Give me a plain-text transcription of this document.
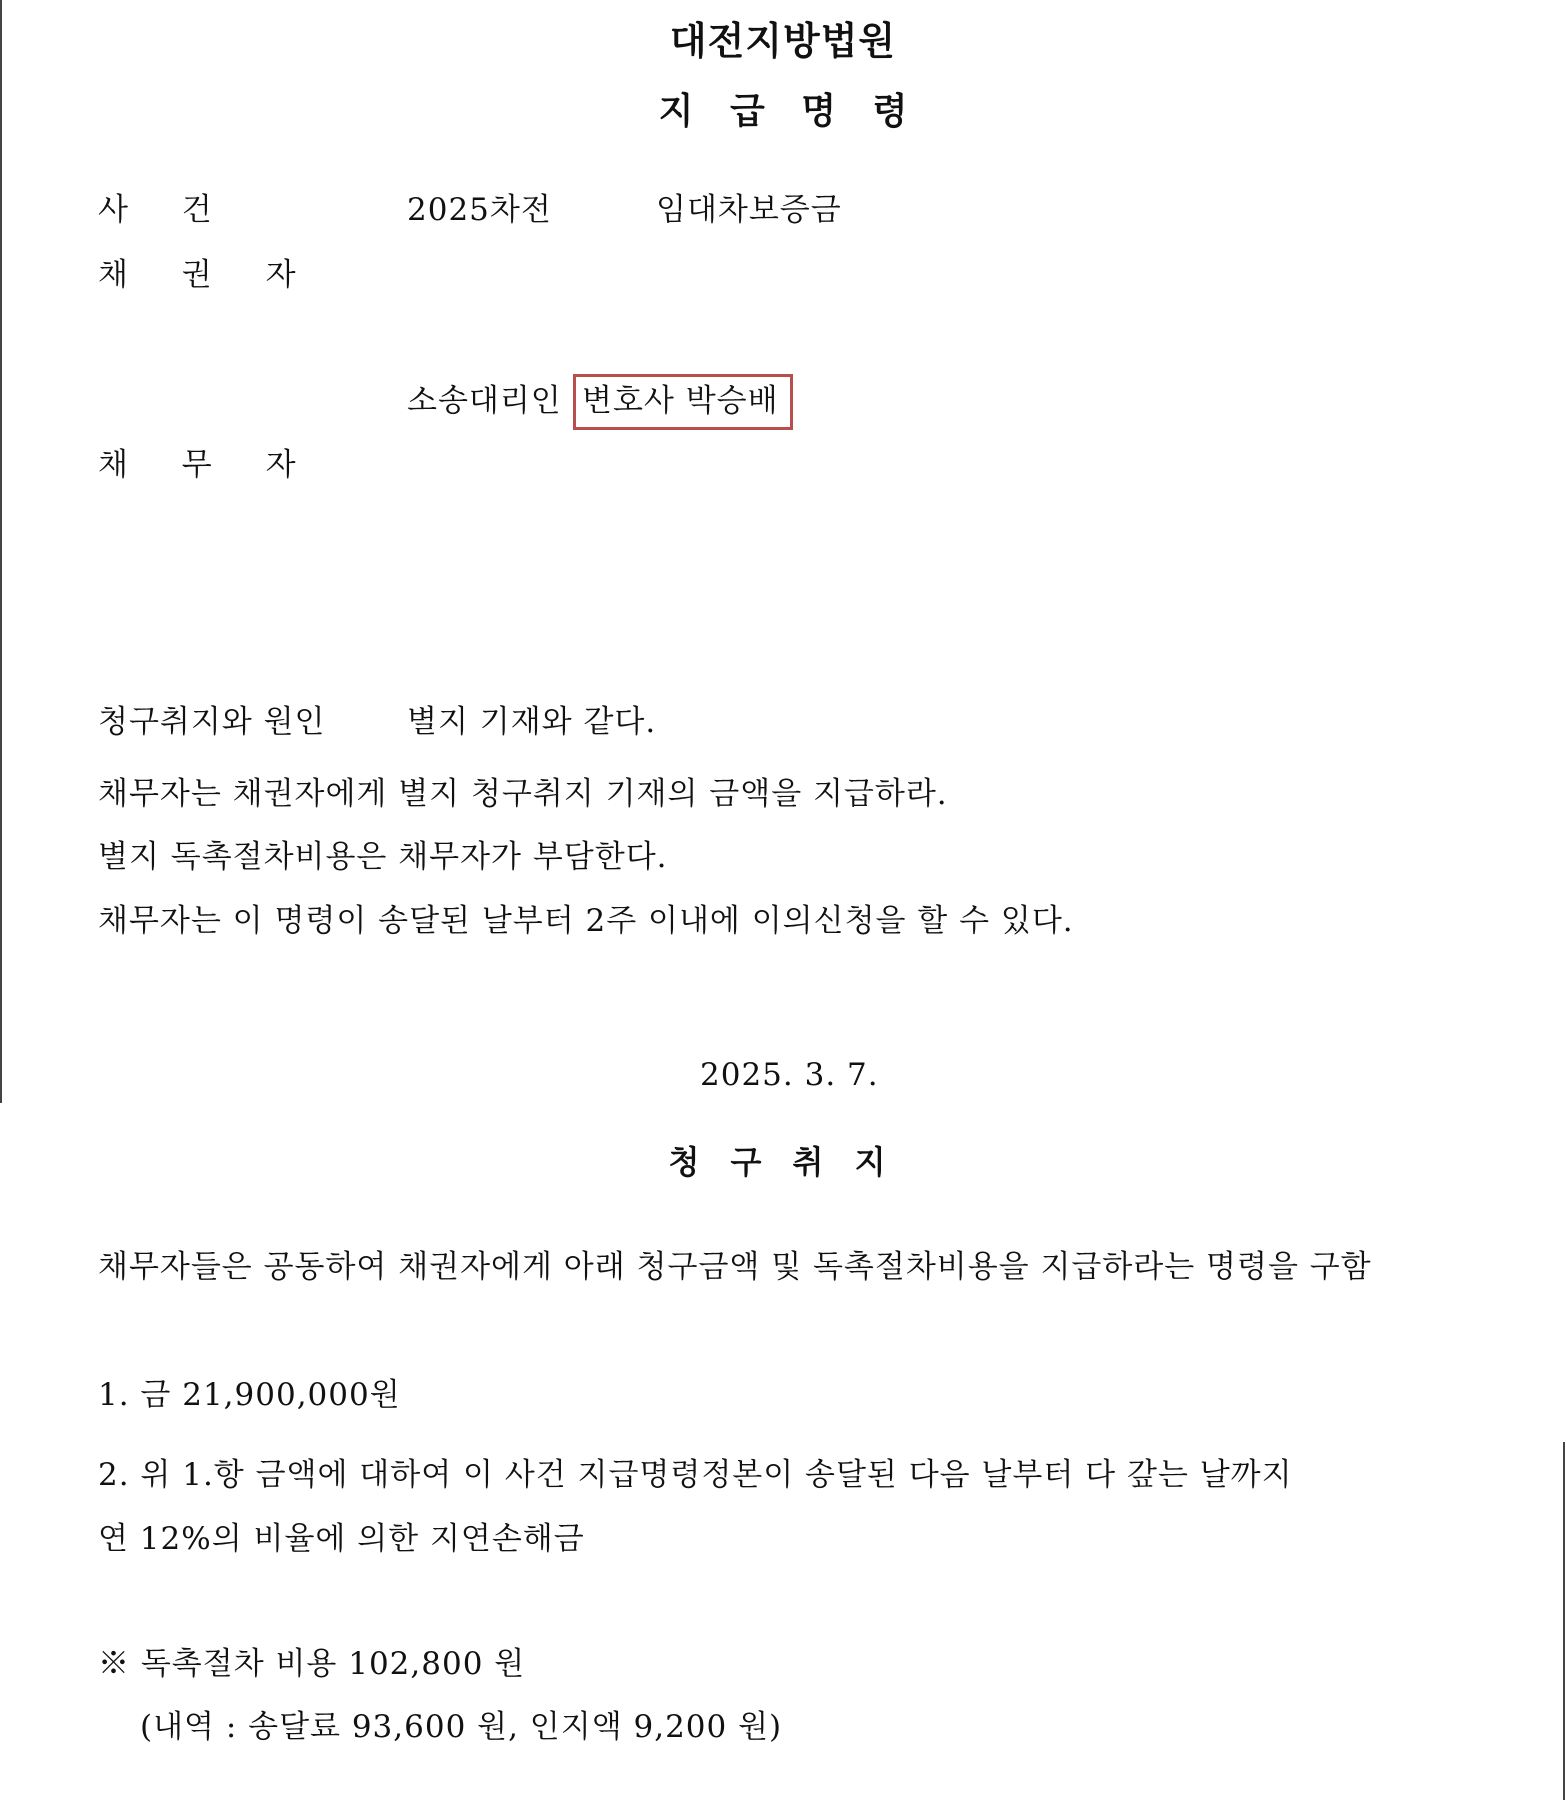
대전지방법원
지 급 명 령
사 건	2025차전	임대차보증금
채 권 자
소송대리인 변호사 박승배
채 무 자
청구취지와 원인	별지 기재와 같다.
채무자는 채권자에게 별지 청구취지 기재의 금액을 지급하라.
별지 독촉절차비용은 채무자가 부담한다.
채무자는 이 명령이 송달된 날부터 2주 이내에 이의신청을 할 수 있다.
2025. 3. 7.
청 구 취 지
채무자들은 공동하여 채권자에게 아래 청구금액 및 독촉절차비용을 지급하라는 명령을 구함
1. 금 21,900,000원
2. 위 1.항 금액에 대하여 이 사건 지급명령정본이 송달된 다음 날부터 다 갚는 날까지
연 12%의 비율에 의한 지연손해금
※ 독촉절차 비용 102,800 원
(내역 : 송달료 93,600 원, 인지액 9,200 원)
